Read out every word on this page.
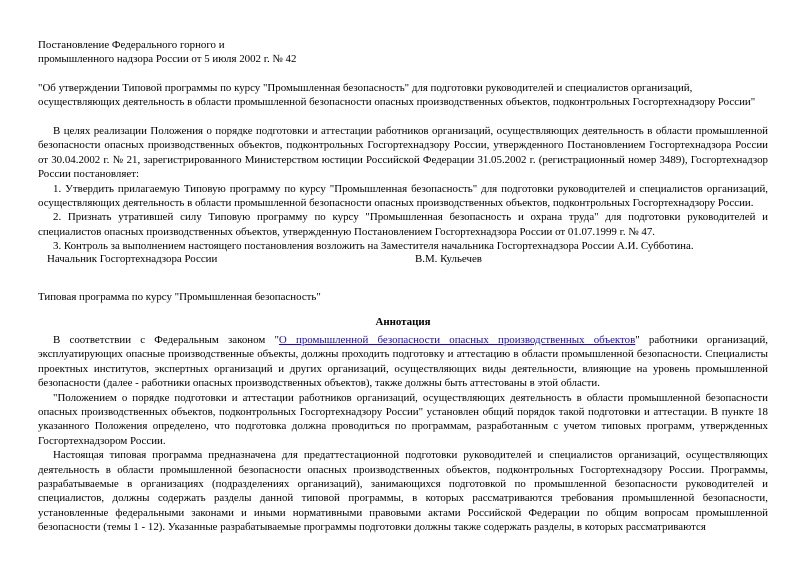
Постановление Федерального горного и

промышленного надзора России от 5 июля 2002 г. № 42

"Об утверждении Типовой программы по курсу "Промышленная безопасность" для подготовки руководителей и специалистов организаций, осуществляющих деятельность в области промышленной безопасности опасных производственных объектов, подконтрольных Госгортехнадзору России"

В целях реализации Положения о порядке подготовки и аттестации работников организаций, осуществляющих деятельность в области промышленной безопасности опасных производственных объектов, подконтрольных Госгортехнадзору России, утвержденного Постановлением Госгортехнадзора России от 30.04.2002 г. № 21, зарегистрированного Министерством юстиции Российской Федерации 31.05.2002 г. (регистрационный номер 3489), Госгортехнадзор России постановляет:

1. Утвердить прилагаемую Типовую программу по курсу "Промышленная безопасность" для подготовки руководителей и специалистов организаций, осуществляющих деятельность в области промышленной безопасности опасных производственных объектов, подконтрольных Госгортехнадзору России.

2. Признать утратившей силу Типовую программу по курсу "Промышленная безопасность и охрана труда" для подготовки руководителей и специалистов опасных производственных объектов, утвержденную Постановлением Госгортехнадзора России от 01.07.1999 г. № 47.

3. Контроль за выполнением настоящего постановления возложить на Заместителя начальника Госгортехнадзора России А.И. Субботина.

Начальник Госгортехнадзора России	В.М. Кульечев

Типовая программа по курсу "Промышленная безопасность"

Аннотация

В соответствии с Федеральным законом "О промышленной безопасности опасных производственных объектов" работники организаций, эксплуатирующих опасные производственные объекты, должны проходить подготовку и аттестацию в области промышленной безопасности. Специалисты проектных институтов, экспертных организаций и других организаций, осуществляющих виды деятельности, влияющие на уровень промышленной безопасности (далее - работники опасных производственных объектов), также должны быть аттестованы в этой области.

"Положением о порядке подготовки и аттестации работников организаций, осуществляющих деятельность в области промышленной безопасности опасных производственных объектов, подконтрольных Госгортехнадзору России" установлен общий порядок такой подготовки и аттестации. В пункте 18 указанного Положения определено, что подготовка должна проводиться по программам, разработанным с учетом типовых программ, утвержденных Госгортехнадзором России.

Настоящая типовая программа предназначена для предаттестационной подготовки руководителей и специалистов организаций, осуществляющих деятельность в области промышленной безопасности опасных производственных объектов, подконтрольных Госгортехнадзору России. Программы, разрабатываемые в организациях (подразделениях организаций), занимающихся подготовкой по промышленной безопасности руководителей и специалистов, должны содержать разделы данной типовой программы, в которых рассматриваются требования промышленной безопасности, установленные федеральными законами и иными нормативными правовыми актами Российской Федерации по общим вопросам промышленной безопасности (темы 1 - 12). Указанные разрабатываемые программы подготовки должны также содержать разделы, в которых рассматриваются
